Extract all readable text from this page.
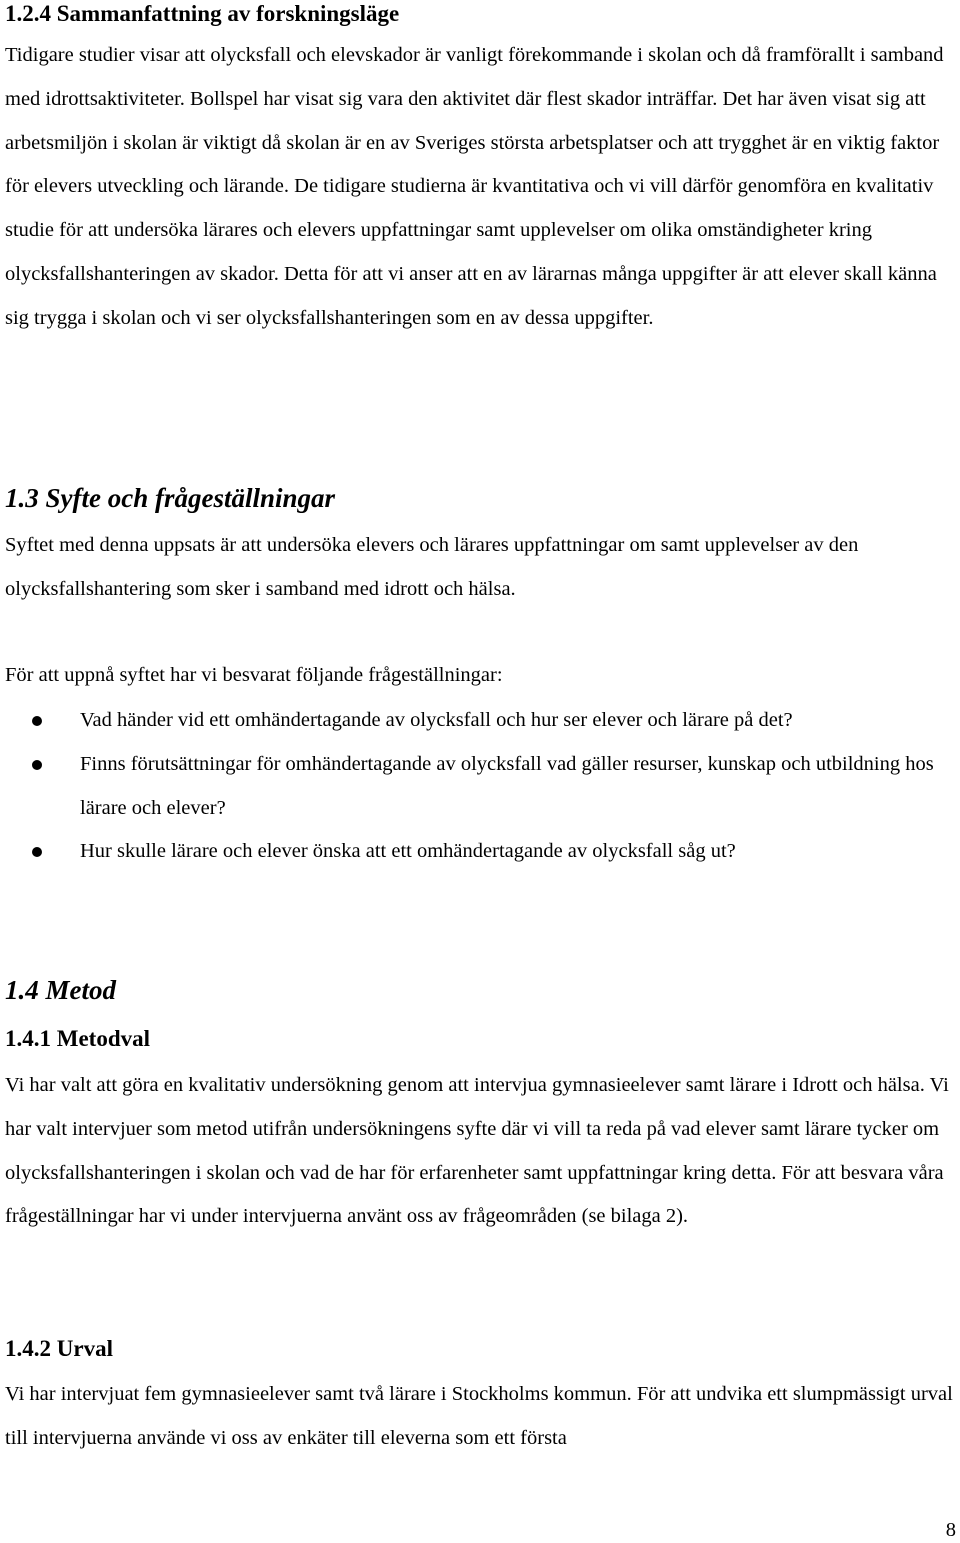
1.2.4 Sammanfattning av forskningsläge

Tidigare studier visar att olycksfall och elevskador är vanligt förekommande i skolan och då framförallt i samband med idrottsaktiviteter. Bollspel har visat sig vara den aktivitet där flest skador inträffar. Det har även visat sig att arbetsmiljön i skolan är viktigt då skolan är en av Sveriges största arbetsplatser och att trygghet är en viktig faktor för elevers utveckling och lärande. De tidigare studierna är kvantitativa och vi vill därför genomföra en kvalitativ studie för att undersöka lärares och elevers uppfattningar samt upplevelser om olika omständigheter kring olycksfallshanteringen av skador. Detta för att vi anser att en av lärarnas många uppgifter är att elever skall känna sig trygga i skolan och vi ser olycksfallshanteringen som en av dessa uppgifter.

1.3 Syfte och frågeställningar

Syftet med denna uppsats är att undersöka elevers och lärares uppfattningar om samt upplevelser av den olycksfallshantering som sker i samband med idrott och hälsa.

För att uppnå syftet har vi besvarat följande frågeställningar:

Vad händer vid ett omhändertagande av olycksfall och hur ser elever och lärare på det?
Finns förutsättningar för omhändertagande av olycksfall vad gäller resurser, kunskap och utbildning hos lärare och elever?
Hur skulle lärare och elever önska att ett omhändertagande av olycksfall såg ut?
1.4 Metod
1.4.1 Metodval

Vi har valt att göra en kvalitativ undersökning genom att intervjua gymnasieelever samt lärare i Idrott och hälsa. Vi har valt intervjuer som metod utifrån undersökningens syfte där vi vill ta reda på vad elever samt lärare tycker om olycksfallshanteringen i skolan och vad de har för erfarenheter samt uppfattningar kring detta. För att besvara våra frågeställningar har vi under intervjuerna använt oss av frågeområden (se bilaga 2).

1.4.2 Urval

Vi har intervjuat fem gymnasieelever samt två lärare i Stockholms kommun. För att undvika ett slumpmässigt urval till intervjuerna använde vi oss av enkäter till eleverna som ett första

8
